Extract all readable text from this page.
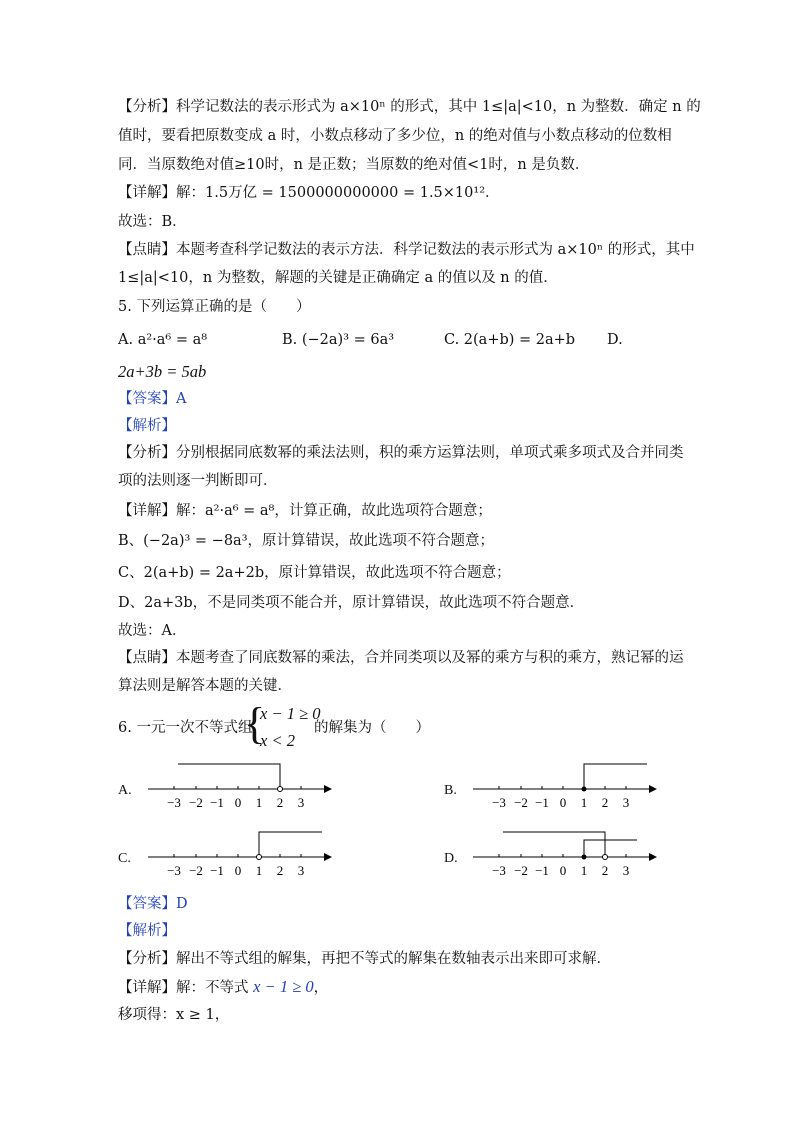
【分析】科学记数法的表示形式为 a×10ⁿ 的形式，其中 1≤|a|<10，n 为整数．确定 n 的
值时，要看把原数变成 a 时，小数点移动了多少位，n 的绝对值与小数点移动的位数相
同．当原数绝对值≥10时，n 是正数；当原数的绝对值<1时，n 是负数．
【详解】解：1.5万亿 = 1500000000000 = 1.5×10¹²．
故选：B．
【点睛】本题考查科学记数法的表示方法．科学记数法的表示形式为 a×10ⁿ 的形式，其中
1≤|a|<10，n 为整数，解题的关键是正确确定 a 的值以及 n 的值．
5. 下列运算正确的是（　　）
A. a²·a⁶ = a⁸	B. (−2a)³ = 6a³	C. 2(a+b) = 2a+b D.
2a+3b = 5ab
【答案】A
【解析】
【分析】分别根据同底数幂的乘法法则，积的乘方运算法则，单项式乘多项式及合并同类
项的法则逐一判断即可．
【详解】解：a²·a⁶ = a⁸，计算正确，故此选项符合题意；
B、(−2a)³ = −8a³，原计算错误，故此选项不符合题意；
C、2(a+b) = 2a+2b，原计算错误，故此选项不符合题意；
D、2a+3b，不是同类项不能合并，原计算错误，故此选项不符合题意．
故选：A．
【点睛】本题考查了同底数幂的乘法，合并同类项以及幂的乘方与积的乘方，熟记幂的运
算法则是解答本题的关键．
6. 一元一次不等式组
{
x − 1 ≥ 0
x < 2
的解集为（　　）
A.	B.
C.	D.
−3 −2 −1 0 1 2 3	−3 −2 −1 0 1 2 3
−3 −2 −1 0 1 2 3	−3 −2 −1 0 1 2 3
【答案】D
【解析】
【分析】解出不等式组的解集，再把不等式的解集在数轴表示出来即可求解．
【详解】解：不等式 x − 1 ≥ 0，
移项得：x ≥ 1，
